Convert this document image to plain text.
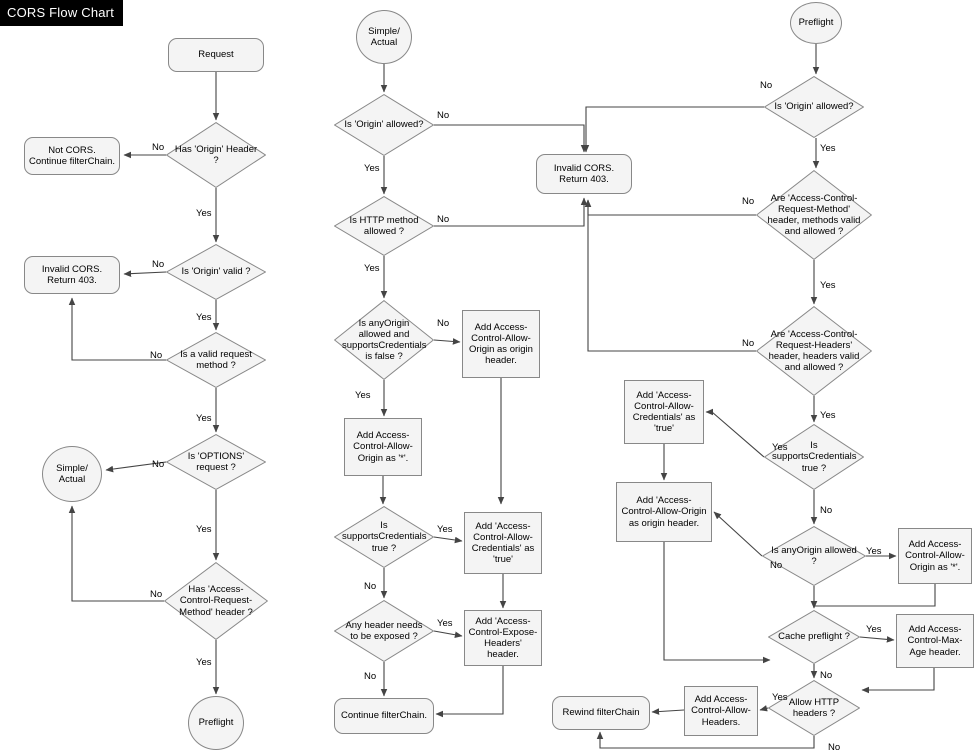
CORS Flow Chart
Request
Has 'Origin' Header ?
Not CORS. Continue filterChain.
Is 'Origin' valid ?
Invalid CORS. Return 403.
Is a valid request method ?
Is 'OPTIONS' request ?
Simple/ Actual
Has 'Access-Control-Request-Method' header ?
Preflight
Simple/ Actual
Is 'Origin' allowed?
Invalid CORS. Return 403.
Is HTTP method allowed ?
Is anyOrigin allowed and supportsCredentials is false ?
Add Access-Control-Allow-Origin as origin header.
Add Access-Control-Allow-Origin as '*'.
Is supportsCredentials true ?
Add 'Access-Control-Allow-Credentials' as 'true'
Any header needs to be exposed ?
Add 'Access-Control-Expose-Headers' header.
Continue filterChain.
Preflight
Is 'Origin' allowed?
Are 'Access-Control-Request-Method' header, methods valid and allowed ?
Are 'Access-Control-Request-Headers' header, headers valid and allowed ?
Is supportsCredentials true ?
Add 'Access-Control-Allow-Credentials' as 'true'
Add 'Access-Control-Allow-Origin as origin header.
Is anyOrigin allowed ?
Add Access-Control-Allow-Origin as '*'.
Cache preflight ?
Add Access-Control-Max-Age header.
Allow HTTP headers ?
Add Access-Control-Allow-Headers.
Rewind filterChain
No
Yes
No
Yes
No
Yes
No
Yes
No
Yes
No
Yes
No
Yes
No
Yes
Yes
No
Yes
No
No
Yes
No
Yes
No
Yes
Yes
No
No
Yes
Yes
No
Yes
No
